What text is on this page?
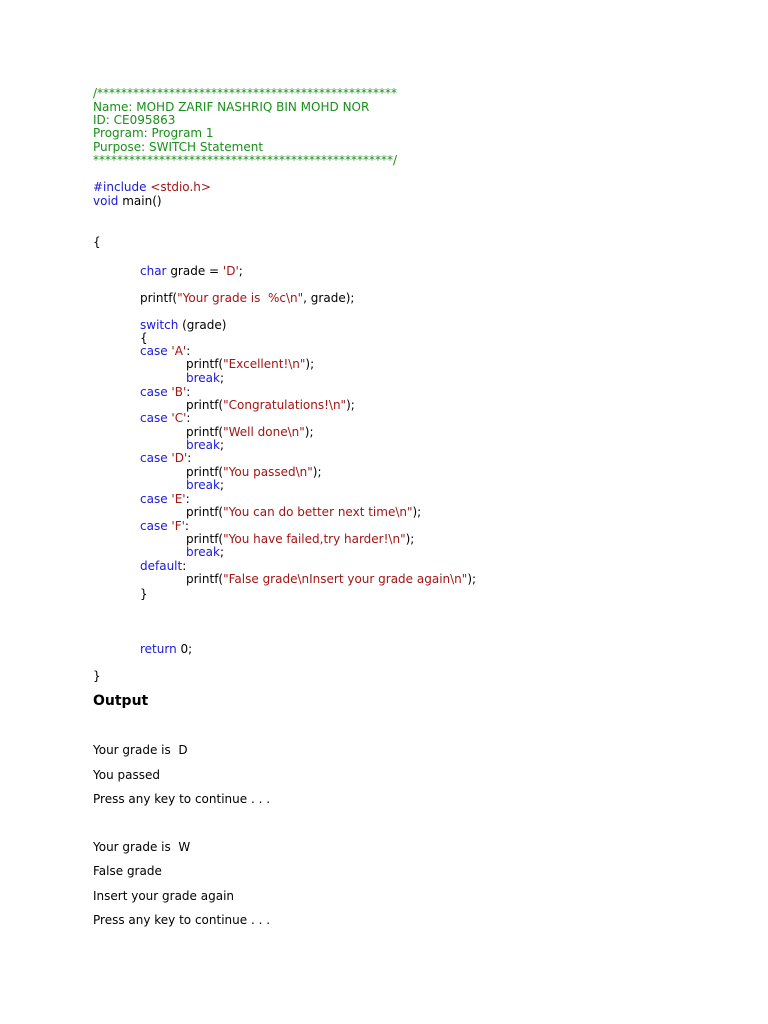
/**************************************************
Name: MOHD ZARIF NASHRIQ BIN MOHD NOR
ID: CE095863
Program: Program 1
Purpose: SWITCH Statement
**************************************************/
#include <stdio.h>
void main()
{
char grade = 'D';
printf("Your grade is  %c\n", grade);
switch (grade)
{
case 'A':
printf("Excellent!\n");
break;
case 'B':
printf("Congratulations!\n");
case 'C':
printf("Well done\n");
break;
case 'D':
printf("You passed\n");
break;
case 'E':
printf("You can do better next time\n");
case 'F':
printf("You have failed,try harder!\n");
break;
default:
printf("False grade\nInsert your grade again\n");
}
return 0;
}
Output
Your grade is  D
You passed
Press any key to continue . . .
Your grade is  W
False grade
Insert your grade again
Press any key to continue . . .
